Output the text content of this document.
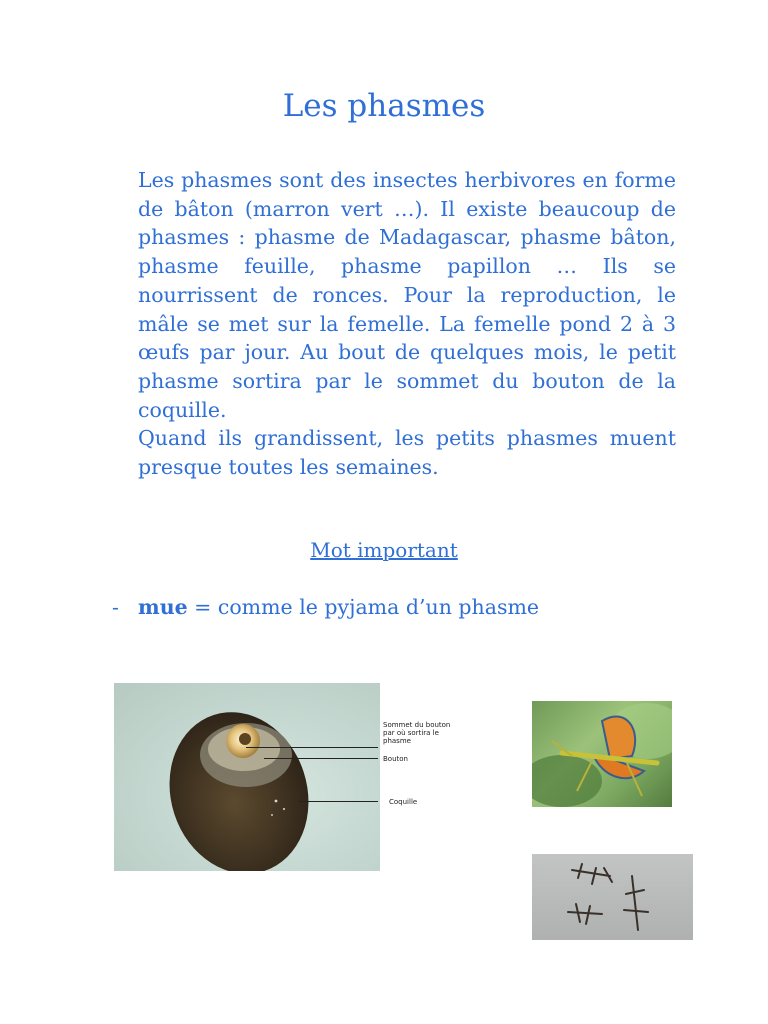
Les phasmes

Les phasmes sont des insectes herbivores en forme de bâton (marron vert …). Il existe beaucoup de phasmes : phasme de Madagascar, phasme bâton, phasme feuille, phasme papillon … Ils se nourrissent de ronces. Pour la reproduction, le mâle se met sur la femelle. La femelle pond 2 à 3 œufs par jour. Au bout de quelques mois, le petit phasme sortira par le sommet du bouton de la coquille.

Quand ils grandissent, les petits phasmes muent presque toutes les semaines.

Mot important
- mue = comme le pyjama d’un phasme
Sommet du bouton par où sortira le phasme
Bouton
Coquille
